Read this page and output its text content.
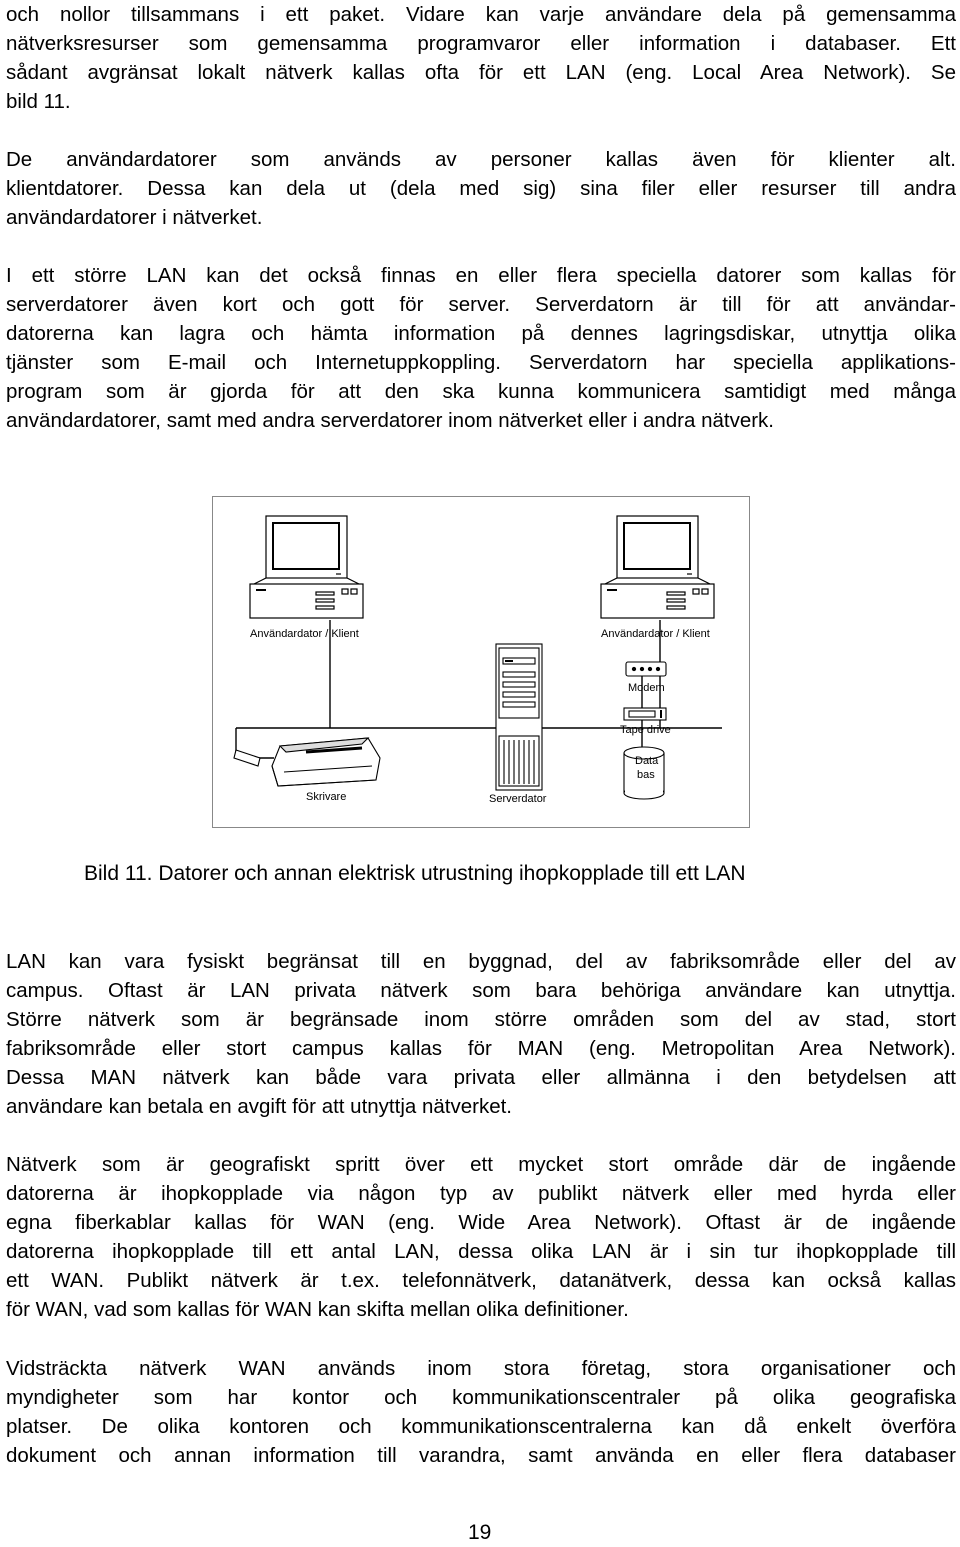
och nollor tillsammans i ett paket. Vidare kan varje användare dela på gemensamma
nätverksresurser som gemensamma programvaror eller information i databaser. Ett
sådant avgränsat lokalt nätverk kallas ofta för ett LAN (eng. Local Area Network). Se
bild 11.

De användardatorer som används av personer kallas även för klienter alt.
klientdatorer. Dessa kan dela ut (dela med sig) sina filer eller resurser till andra
användardatorer i nätverket.

I ett större LAN kan det också finnas en eller flera speciella datorer som kallas för
serverdatorer även kort och gott för server. Serverdatorn är till för att användar-
datorerna kan lagra och hämta information på dennes lagringsdiskar, utnyttja olika
tjänster som E-mail och Internetuppkoppling. Serverdatorn har speciella applikations-
program som är gjorda för att den ska kunna kommunicera samtidigt med många
användardatorer, samt med andra serverdatorer inom nätverket eller i andra nätverk.

Användardator / Klient	Användardator / Klient
Modem
Tape drive
Data
bas
Skrivare	Serverdator

Bild 11. Datorer och annan elektrisk utrustning ihopkopplade till ett LAN

LAN kan vara fysiskt begränsat till en byggnad, del av fabriksområde eller del av
campus. Oftast är LAN privata nätverk som bara behöriga användare kan utnyttja.
Större nätverk som är begränsade inom större områden som del av stad, stort
fabriksområde eller stort campus kallas för MAN (eng. Metropolitan Area Network).
Dessa MAN nätverk kan både vara privata eller allmänna i den betydelsen att
användare kan betala en avgift för att utnyttja nätverket.

Nätverk som är geografiskt spritt över ett mycket stort område där de ingående
datorerna är ihopkopplade via någon typ av publikt nätverk eller med hyrda eller
egna fiberkablar kallas för WAN (eng. Wide Area Network). Oftast är de ingående
datorerna ihopkopplade till ett antal LAN, dessa olika LAN är i sin tur ihopkopplade till
ett WAN. Publikt nätverk är t.ex. telefonnätverk, datanätverk, dessa kan också kallas
för WAN, vad som kallas för WAN kan skifta mellan olika definitioner.

Vidsträckta nätverk WAN används inom stora företag, stora organisationer och
myndigheter som har kontor och kommunikationscentraler på olika geografiska
platser. De olika kontoren och kommunikationscentralerna kan då enkelt överföra
dokument och annan information till varandra, samt använda en eller flera databaser

19
